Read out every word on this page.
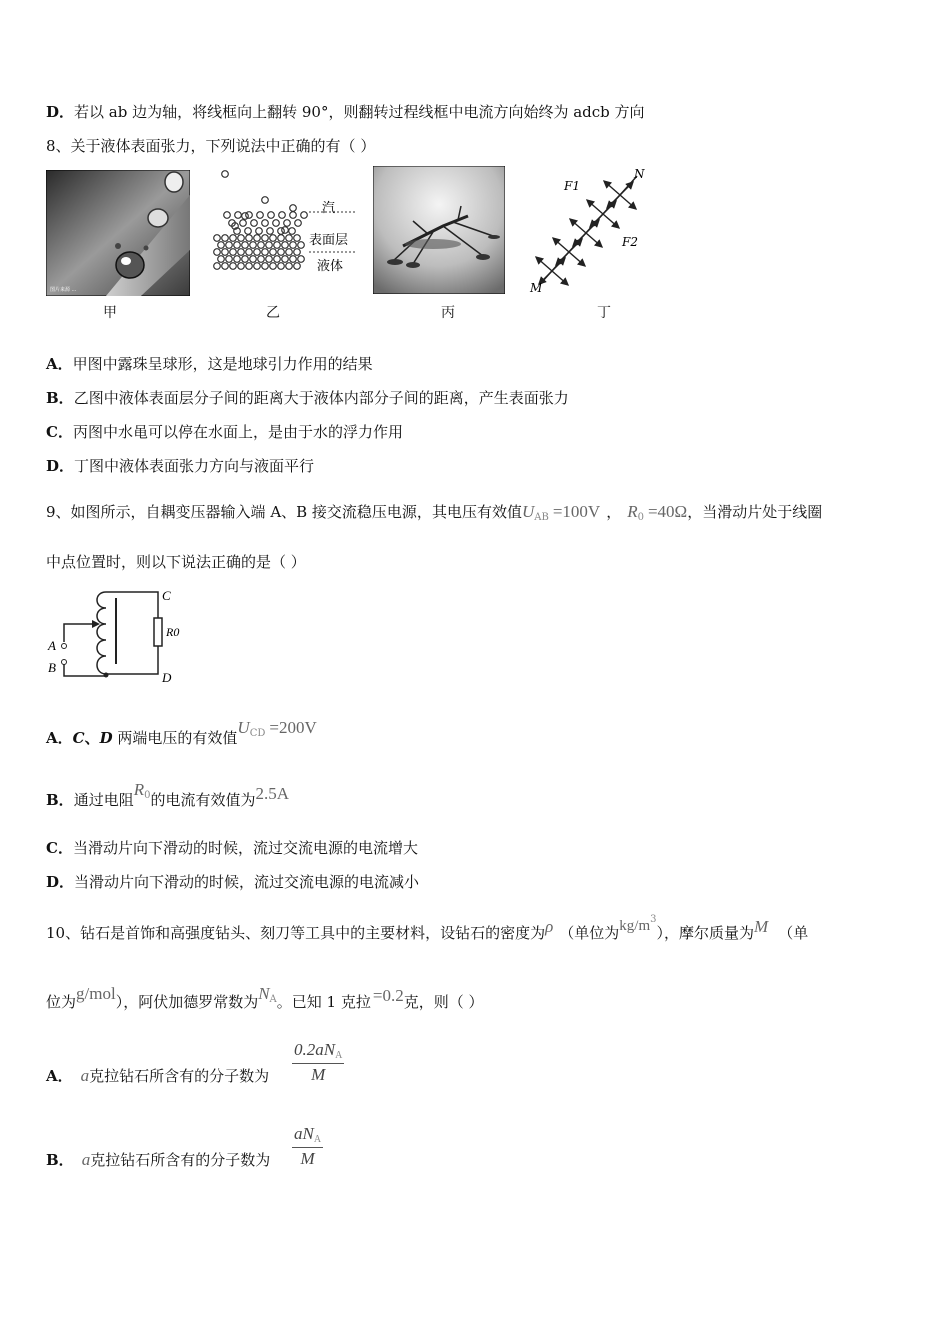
D．若以 ab 边为轴，将线框向上翻转 90°，则翻转过程线框中电流方向始终为 adcb 方向
8、关于液体表面张力，下列说法中正确的有（ ）
图片来源 ...
汽
表面层
液体
F1
N
F2
M
甲	乙	丙	丁
A．甲图中露珠呈球形，这是地球引力作用的结果
B．乙图中液体表面层分子间的距离大于液体内部分子间的距离，产生表面张力
C．丙图中水黾可以停在水面上，是由于水的浮力作用
D．丁图中液体表面张力方向与液面平行
9、如图所示，自耦变压器输入端 A、B 接交流稳压电源，其电压有效值$U_{AB} =100V$ ， $R_0 =40\Omega$，当滑动片处于线圈
中点位置时，则以下说法正确的是（ ）
A
B
C
D
R0
A．C、D 两端电压的有效值$U^{CD} =200V$
B．通过电阻$R^0$的电流有效值为2.5A
C．当滑动片向下滑动的时候，流过交流电源的电流增大
D．当滑动片向下滑动的时候，流过交流电源的电流减小
10、钻石是首饰和高强度钻头、刻刀等工具中的主要材料，设钻石的密度为ρ （单位为$kg/m^3$），摩尔质量为M （单
位为g/mol），阿伏加德罗常数为$N^A$。已知 1 克拉 =0.2克，则（ ）
A． a克拉钻石所含有的分子数为
$0.2aN_A$
M
B． a克拉钻石所含有的分子数为
$aN_A$
M
